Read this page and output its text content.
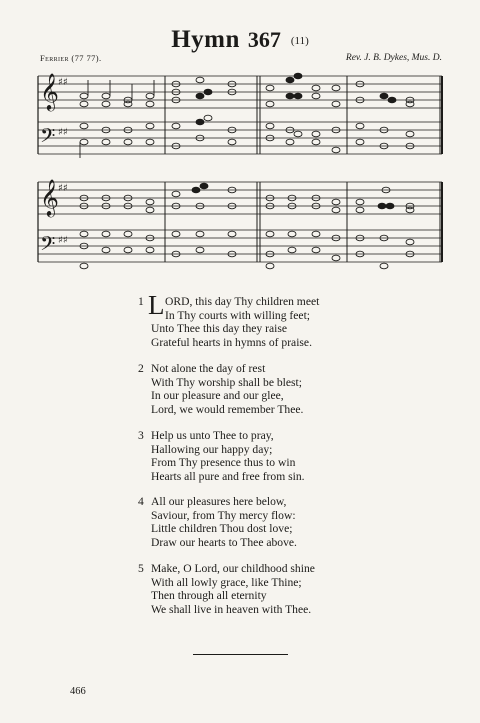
Hymn 367 (11)
Ferrier (77 77).	Rev. J. B. Dykes, Mus. D.
𝄞
𝄢
♯♯
♯♯
𝄞
𝄢
♯♯
♯♯
1 L ORD, this day Thy children meet
In Thy courts with willing feet;
Unto Thee this day they raise
Grateful hearts in hymns of praise.
2 Not alone the day of rest
With Thy worship shall be blest;
In our pleasure and our glee,
Lord, we would remember Thee.
3 Help us unto Thee to pray,
Hallowing our happy day;
From Thy presence thus to win
Hearts all pure and free from sin.
4 All our pleasures here below,
Saviour, from Thy mercy flow:
Little children Thou dost love;
Draw our hearts to Thee above.
5 Make, O Lord, our childhood shine
With all lowly grace, like Thine;
Then through all eternity
We shall live in heaven with Thee.
466
